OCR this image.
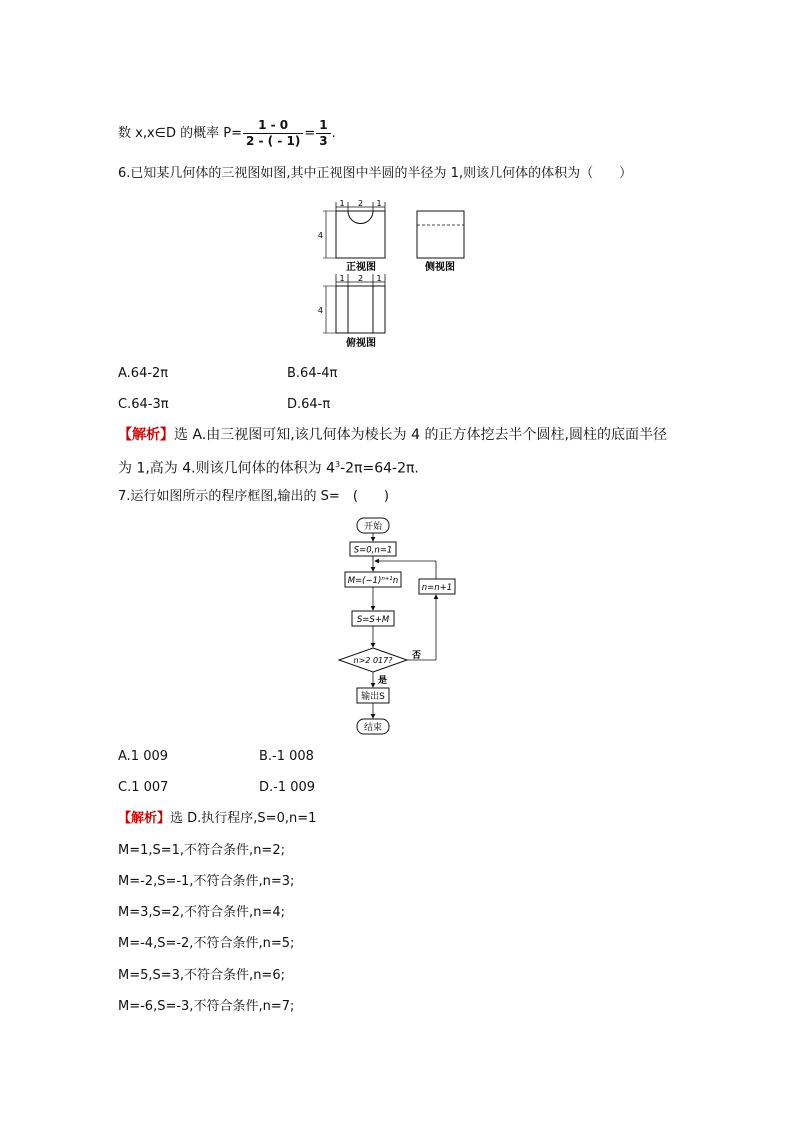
数 x,x∈D 的概率 $P= \frac{1 - 0}{2 - ( - 1)} = \frac{1}{3}$ .
6.已知某几何体的三视图如图,其中正视图中半圆的半径为 1,则该几何体的体积为（　　）
1 2 1
4
正视图	侧视图
1 2 1
4
俯视图
A.64-2π	B.64-4π
C.64-3π	D.64-π
【解析】选 A.由三视图可知,该几何体为棱长为 4 的正方体挖去半个圆柱,圆柱的底面半径
为 1,高为 4.则该几何体的体积为 $4^3-2\pi=64-2\pi$.
7.运行如图所示的程序框图,输出的 S=　(　　)
开始
S=0,n=1
$M=(-1)^{n+1}n$
n=n+1
S=S+M
n>2 017? 否
是
输出S
结束
A.1 009	B.-1 008
C.1 007	D.-1 009
【解析】选 D.执行程序,S=0,n=1
M=1,S=1,不符合条件,n=2;
M=-2,S=-1,不符合条件,n=3;
M=3,S=2,不符合条件,n=4;
M=-4,S=-2,不符合条件,n=5;
M=5,S=3,不符合条件,n=6;
M=-6,S=-3,不符合条件,n=7;
